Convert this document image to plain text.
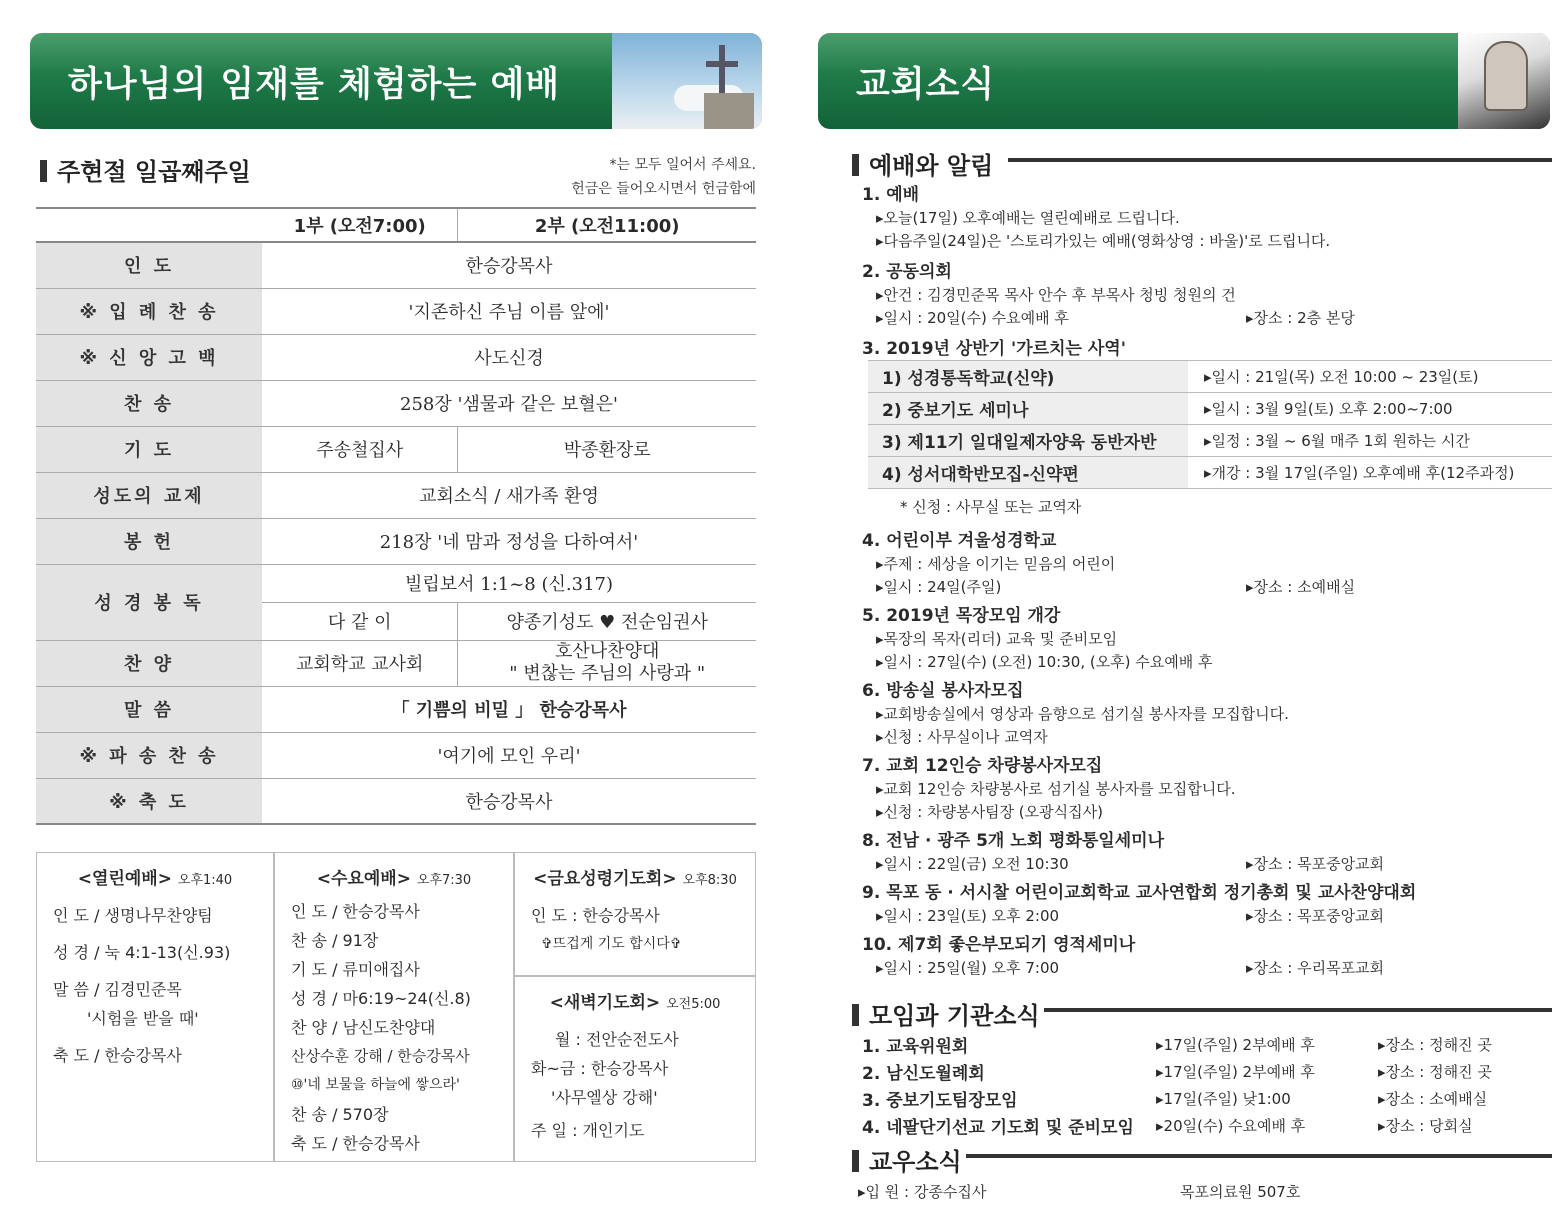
하나님의 임재를 체험하는 예배	교회소식
주현절 일곱째주일	*는 모두 일어서 주세요.
헌금은 들어오시면서 헌금함에
	1부 (오전7:00)	2부 (오전11:00)
인 도	한승강목사	
※ 입 례 찬 송	'지존하신 주님 이름 앞에'	
※ 신 앙 고 백	사도신경	
찬 송	258장 '샘물과 같은 보혈은'	
기 도	주송철집사	박종환장로
성도의 교제	교회소식 / 새가족 환영	
봉 헌	218장 '네 맘과 정성을 다하여서'	
성 경 봉 독	빌립보서 1:1~8 (신.317)	
	다 같 이	양종기성도 ♥ 전순임권사
찬 양	교회학교 교사회	호산나찬양대
" 변찮는 주님의 사랑과 "

말 씀	「 기쁨의 비밀 」 한승강목사	
※ 파 송 찬 송	'여기에 모인 우리'	
※ 축 도	한승강목사	
<열린예배> 오후1:40
인 도 / 생명나무찬양팀
성 경 / 눅 4:1-13(신.93)
말 씀 / 김경민준목
'시험을 받을 때'
축 도 / 한승강목사
<수요예배> 오후7:30
인 도 / 한승강목사
찬 송 / 91장
기 도 / 류미애집사
성 경 / 마6:19~24(신.8)
찬 양 / 남신도찬양대
산상수훈 강해 / 한승강목사
⑩'네 보물을 하늘에 쌓으라'
찬 송 / 570장
축 도 / 한승강목사
<금요성령기도회> 오후8:30
인 도 : 한승강목사
✞뜨겁게 기도 합시다✞
<새벽기도회> 오전5:00
월 : 전안순전도사
화~금 : 한승강목사
'사무엘상 강해'
주 일 : 개인기도
예배와 알림
1. 예배
▸오늘(17일) 오후예배는 열린예배로 드립니다.
▸다음주일(24일)은 '스토리가있는 예배(영화상영 : 바울)'로 드립니다.
2. 공동의회
▸안건 : 김경민준목 목사 안수 후 부목사 청빙 청원의 건
▸일시 : 20일(수) 수요예배 후	▸장소 : 2층 본당
3. 2019년 상반기 '가르치는 사역'
1) 성경통독학교(신약)	▸일시 : 21일(목) 오전 10:00 ~ 23일(토)
2) 중보기도 세미나	▸일시 : 3월 9일(토) 오후 2:00~7:00
3) 제11기 일대일제자양육 동반자반	▸일정 : 3월 ~ 6월 매주 1회 원하는 시간
4) 성서대학반모집-신약편	▸개강 : 3월 17일(주일) 오후예배 후(12주과정)
* 신청 : 사무실 또는 교역자
4. 어린이부 겨울성경학교
▸주제 : 세상을 이기는 믿음의 어린이
▸일시 : 24일(주일)	▸장소 : 소예배실
5. 2019년 목장모임 개강
▸목장의 목자(리더) 교육 및 준비모임
▸일시 : 27일(수) (오전) 10:30, (오후) 수요예배 후
6. 방송실 봉사자모집
▸교회방송실에서 영상과 음향으로 섬기실 봉사자를 모집합니다.
▸신청 : 사무실이나 교역자
7. 교회 12인승 차량봉사자모집
▸교회 12인승 차량봉사로 섬기실 봉사자를 모집합니다.
▸신청 : 차량봉사팀장 (오광식집사)
8. 전남 · 광주 5개 노회 평화통일세미나
▸일시 : 22일(금) 오전 10:30	▸장소 : 목포중앙교회
9. 목포 동 · 서시찰 어린이교회학교 교사연합회 정기총회 및 교사찬양대회
▸일시 : 23일(토) 오후 2:00	▸장소 : 목포중앙교회
10. 제7회 좋은부모되기 영적세미나
▸일시 : 25일(월) 오후 7:00	▸장소 : 우리목포교회
모임과 기관소식
1. 교육위원회	▸17일(주일) 2부예배 후	▸장소 : 정해진 곳
2. 남신도월례회	▸17일(주일) 2부예배 후	▸장소 : 정해진 곳
3. 중보기도팀장모임	▸17일(주일) 낮1:00	▸장소 : 소예배실
4. 네팔단기선교 기도회 및 준비모임 ▸20일(수) 수요예배 후	▸장소 : 당회실
교우소식
▸입 원 : 강종수집사	목포의료원 507호
